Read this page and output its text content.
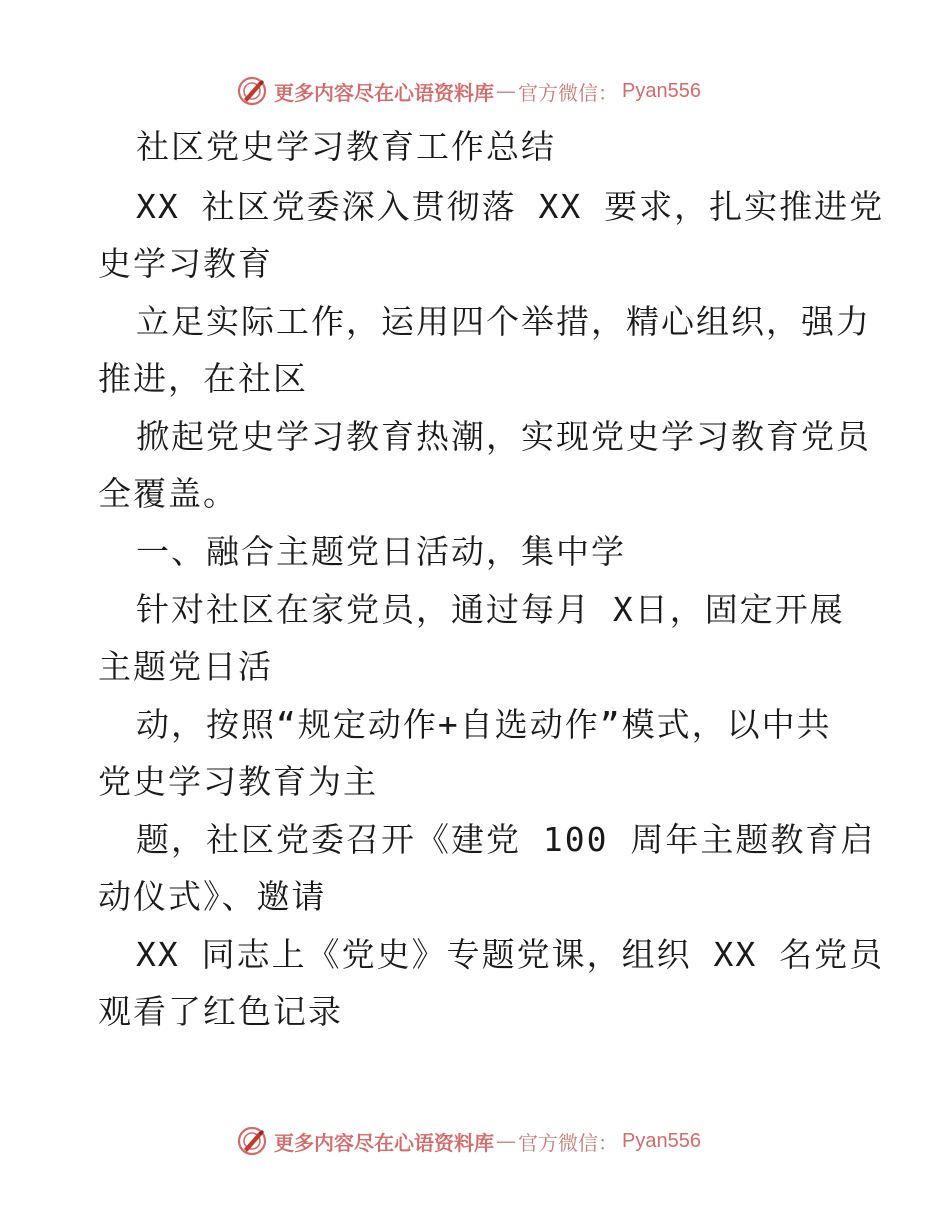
更多内容尽在心语资料库 — 官方微信： Pyan556
社区党史学习教育工作总结
XX 社区党委深入贯彻落 XX 要求，扎实推进党
史学习教育
立足实际工作，运用四个举措，精心组织，强力
推进，在社区
掀起党史学习教育热潮，实现党史学习教育党员
全覆盖。
一、融合主题党日活动，集中学
针对社区在家党员，通过每月 X日，固定开展
主题党日活
动，按照“规定动作+自选动作”模式，以中共
党史学习教育为主
题，社区党委召开《建党 100 周年主题教育启
动仪式》、邀请
XX 同志上《党史》专题党课，组织 XX 名党员
观看了红色记录
更多内容尽在心语资料库 — 官方微信： Pyan556
